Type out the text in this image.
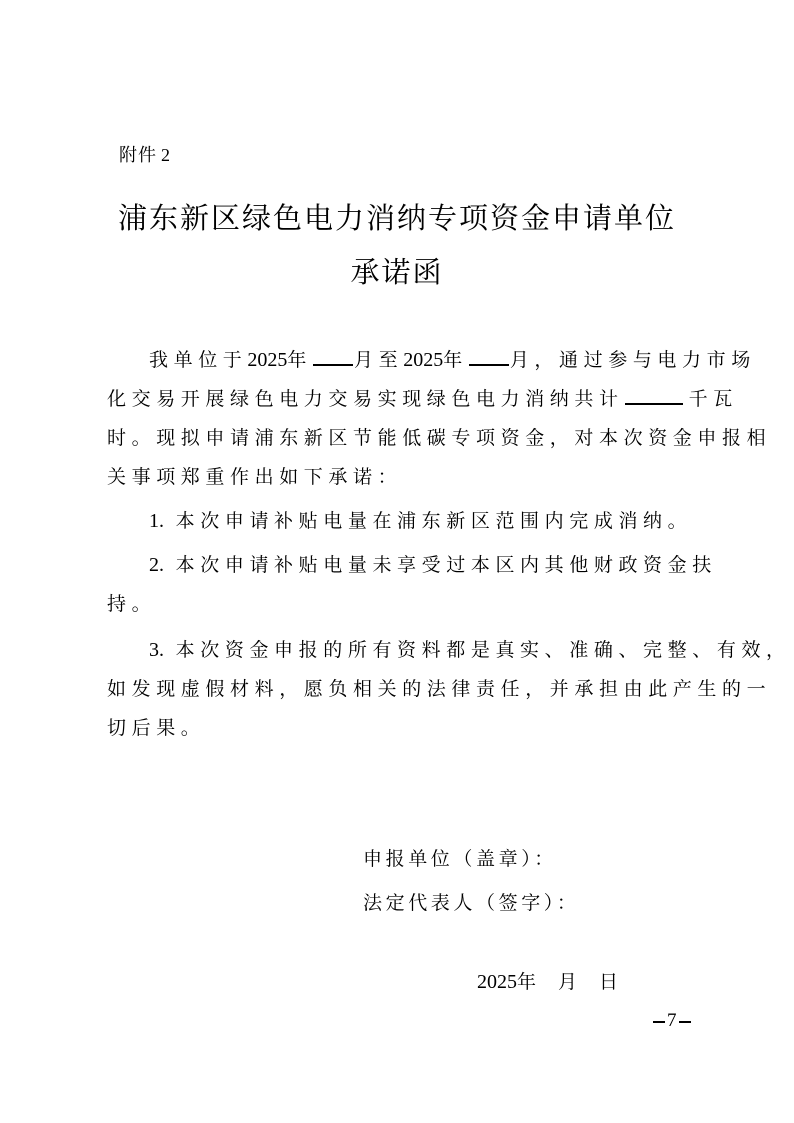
附件 2
浦东新区绿色电力消纳专项资金申请单位
承诺函
我单位于2025年 月至2025年 月，通过参与电力市场
化交易开展绿色电力交易实现绿色电力消纳共计	千瓦
时。现拟申请浦东新区节能低碳专项资金，对本次资金申报相
关事项郑重作出如下承诺：
1. 本次申请补贴电量在浦东新区范围内完成消纳。
2. 本次申请补贴电量未享受过本区内其他财政资金扶
持。
3. 本次资金申报的所有资料都是真实、准确、完整、有效，
如发现虚假材料，愿负相关的法律责任，并承担由此产生的一
切后果。
申报单位（盖章）：
法定代表人（签字）：
2025年 月 日
7
